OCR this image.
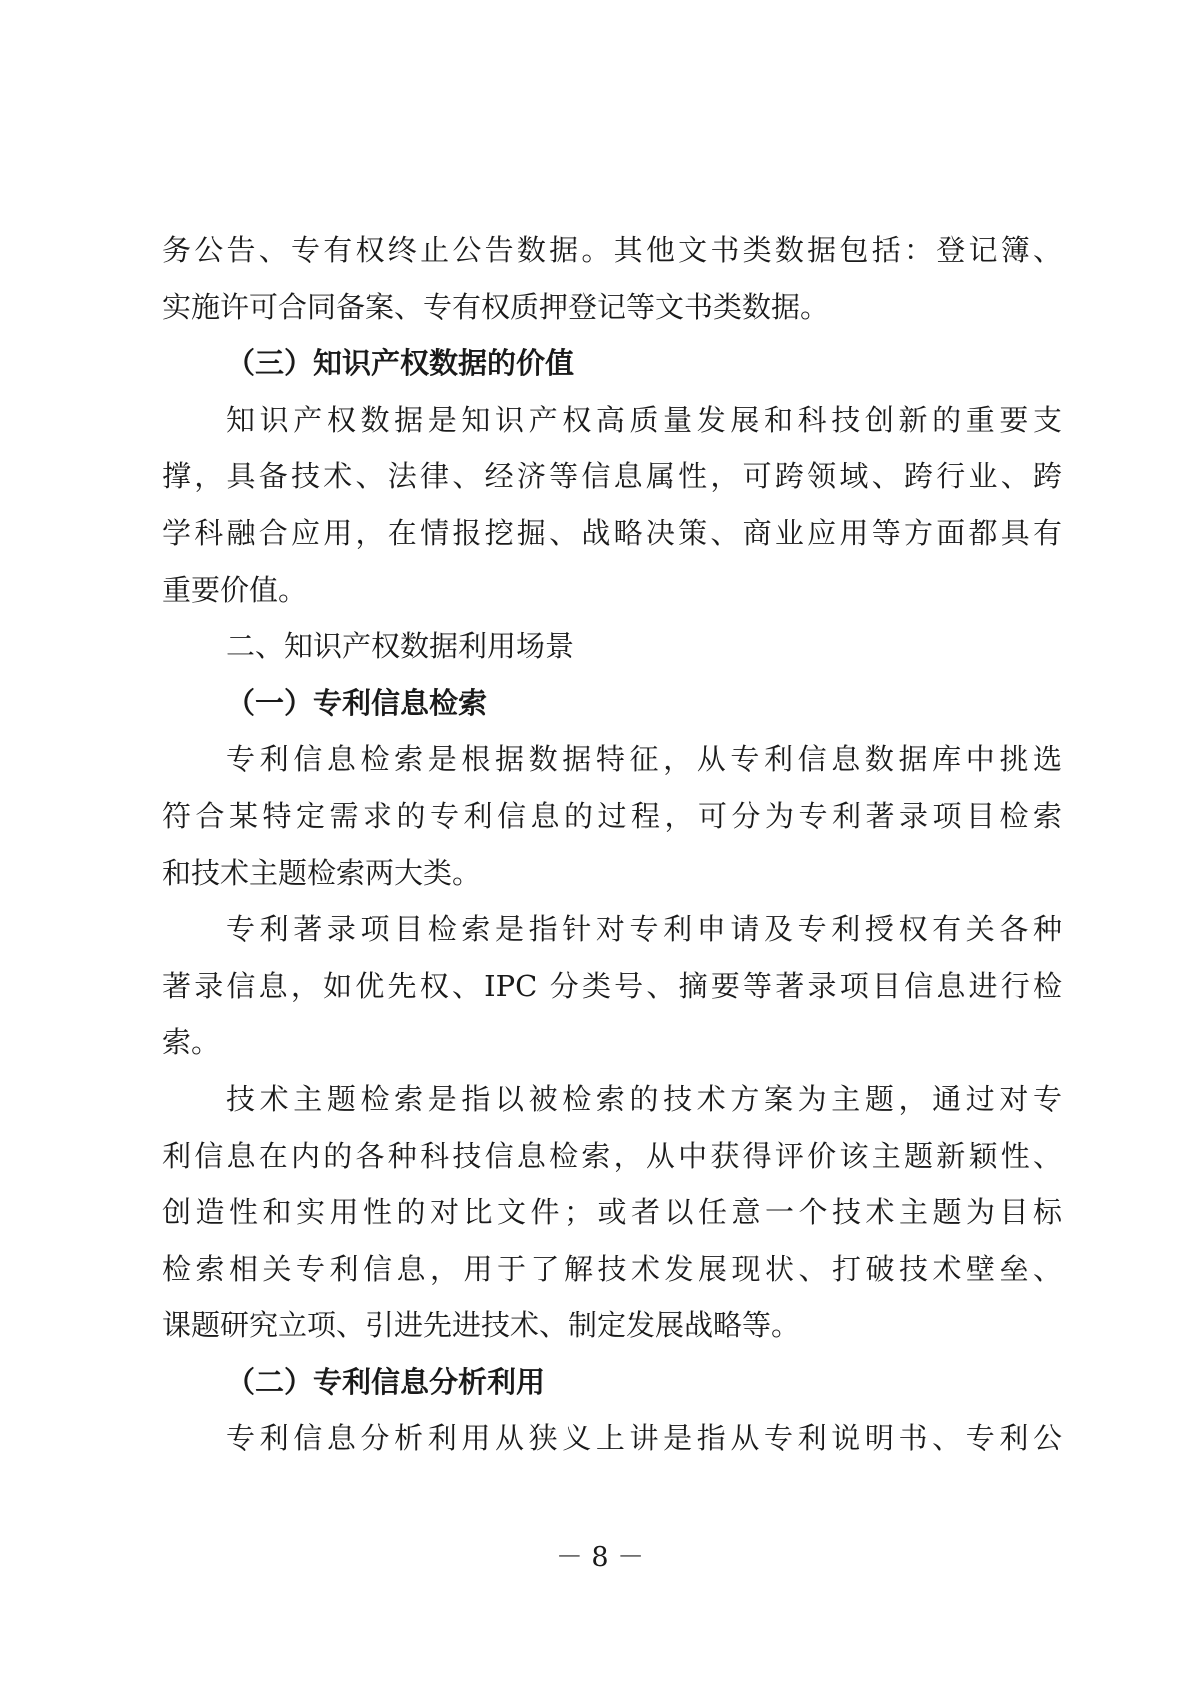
务公告、专有权终止公告数据。其他文书类数据包括：登记簿、
实施许可合同备案、专有权质押登记等文书类数据。
（三）知识产权数据的价值
知识产权数据是知识产权高质量发展和科技创新的重要支
撑，具备技术、法律、经济等信息属性，可跨领域、跨行业、跨
学科融合应用，在情报挖掘、战略决策、商业应用等方面都具有
重要价值。
二、知识产权数据利用场景
（一）专利信息检索
专利信息检索是根据数据特征，从专利信息数据库中挑选
符合某特定需求的专利信息的过程，可分为专利著录项目检索
和技术主题检索两大类。
专利著录项目检索是指针对专利申请及专利授权有关各种
著录信息，如优先权、IPC 分类号、摘要等著录项目信息进行检
索。
技术主题检索是指以被检索的技术方案为主题，通过对专
利信息在内的各种科技信息检索，从中获得评价该主题新颖性、
创造性和实用性的对比文件；或者以任意一个技术主题为目标
检索相关专利信息，用于了解技术发展现状、打破技术壁垒、
课题研究立项、引进先进技术、制定发展战略等。
（二）专利信息分析利用
专利信息分析利用从狭义上讲是指从专利说明书、专利公
－ 8 －
